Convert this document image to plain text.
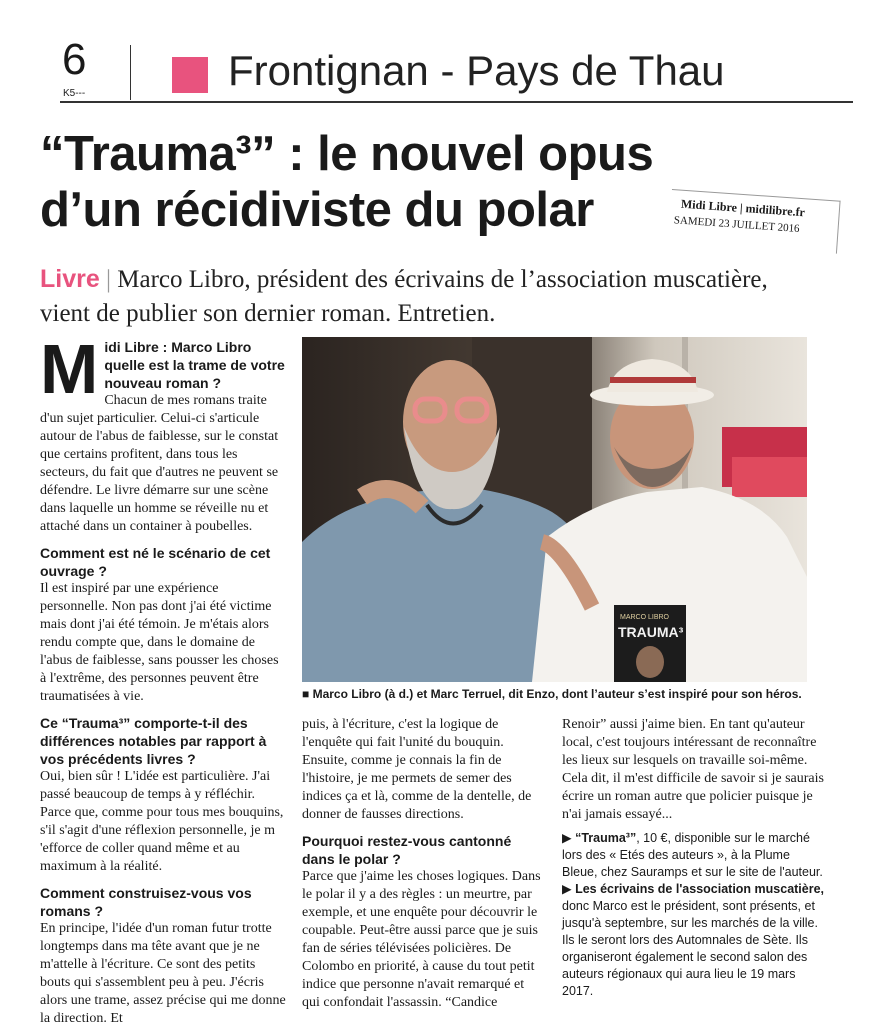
6
K5---	Frontignan - Pays de Thau
“Trauma³” : le nouvel opus
d’un récidiviste du polar	Midi Libre | midilibre.fr
SAMEDI 23 JUILLET 2016
Livre | Marco Libro, président des écrivains de l’association muscatière, vient de publier son dernier roman. Entretien.
M idi Libre : Marco Libro quelle est la trame de votre nouveau roman ?

Chacun de mes romans traite d'un sujet particulier. Celui-ci s'articule autour de l'abus de faiblesse, sur le constat que certains profitent, dans tous les secteurs, du fait que d'autres ne peuvent se défendre. Le livre démarre sur une scène dans laquelle un homme se réveille nu et attaché dans un container à poubelles.

Comment est né le scénario de cet ouvrage ?

Il est inspiré par une expérience personnelle. Non pas dont j'ai été victime mais dont j'ai été témoin. Je m'étais alors rendu compte que, dans le domaine de l'abus de faiblesse, sans pousser les choses à l'extrême, des personnes peuvent être traumatisées à vie.

Ce “Trauma³” comporte-t-il des différences notables par rapport à vos précédents livres ?

Oui, bien sûr ! L'idée est particulière. J'ai passé beaucoup de temps à y réfléchir. Parce que, comme pour tous mes bouquins, s'il s'agit d'une réflexion personnelle, je m 'efforce de coller quand même et au maximum à la réalité.

Comment construisez-vous vos romans ?

En principe, l'idée d'un roman futur trotte longtemps dans ma tête avant que je ne m'attelle à l'écriture. Ce sont des petits bouts qui s'assemblent peu à peu. J'écris alors une trame, assez précise qui me donne la direction. Et

MARCO LIBRO
TRAUMA³
■ Marco Libro (à d.) et Marc Terruel, dit Enzo, dont l’auteur s’est inspiré pour son héros.

puis, à l'écriture, c'est la logique de l'enquête qui fait l'unité du bouquin. Ensuite, comme je connais la fin de l'histoire, je me permets de semer des indices ça et là, comme de la dentelle, de donner de fausses directions.

Pourquoi restez-vous cantonné dans le polar ?

Parce que j'aime les choses logiques. Dans le polar il y a des règles : un meurtre, par exemple, et une enquête pour découvrir le coupable. Peut-être aussi parce que je suis fan de séries télévisées policières. De Colombo en priorité, à cause du tout petit indice que personne n'avait remarqué et qui confondait l'assassin. “Candice

Renoir” aussi j'aime bien. En tant qu'auteur local, c'est toujours intéressant de reconnaître les lieux sur lesquels on travaille soi-même. Cela dit, il m'est difficile de savoir si je saurais écrire un roman autre que policier puisque je n'ai jamais essayé...

▶ “Trauma³”, 10 €, disponible sur le marché lors des « Etés des auteurs », à la Plume Bleue, chez Sauramps et sur le site de l'auteur.

▶ Les écrivains de l'association muscatière, donc Marco est le président, sont présents, et jusqu'à septembre, sur les marchés de la ville. Ils le seront lors des Automnales de Sète. Ils organiseront également le second salon des auteurs régionaux qui aura lieu le 19 mars 2017.
